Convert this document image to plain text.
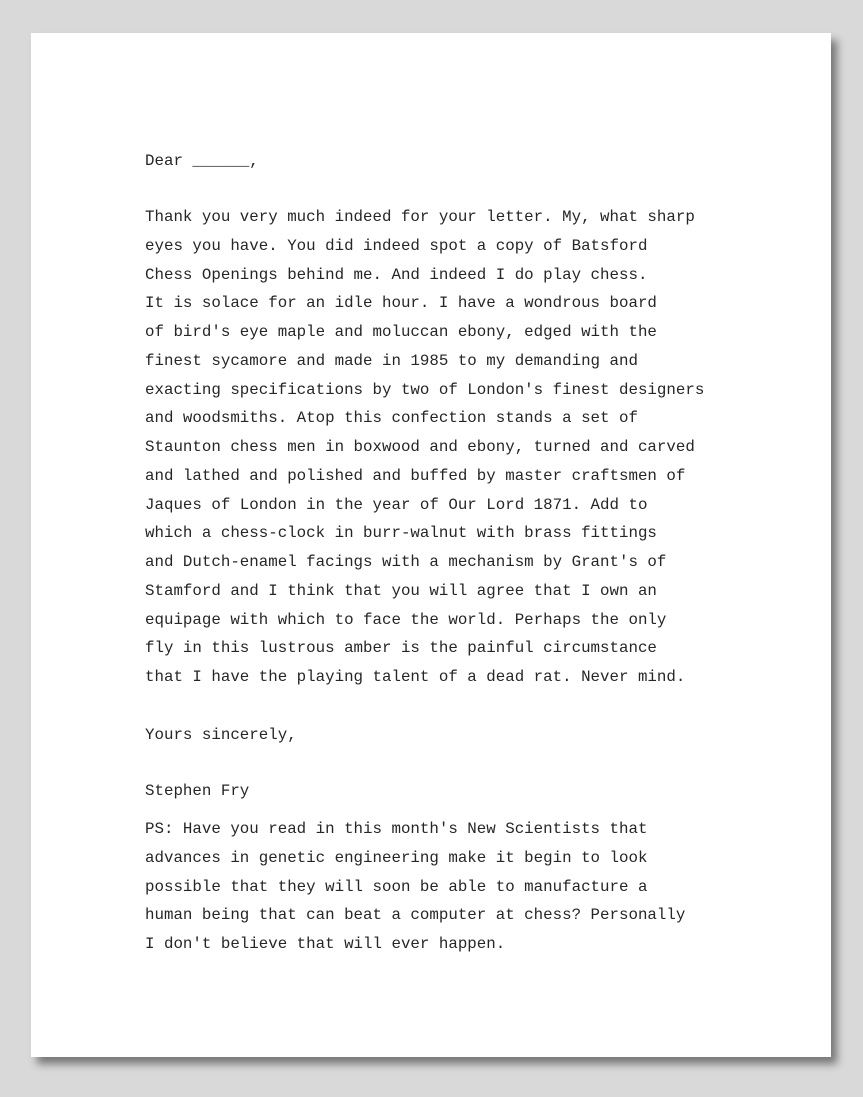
Dear ______,
Thank you very much indeed for your letter. My, what sharp
eyes you have. You did indeed spot a copy of Batsford
Chess Openings behind me. And indeed I do play chess.
It is solace for an idle hour. I have a wondrous board
of bird's eye maple and moluccan ebony, edged with the
finest sycamore and made in 1985 to my demanding and
exacting specifications by two of London's finest designers
and woodsmiths. Atop this confection stands a set of
Staunton chess men in boxwood and ebony, turned and carved
and lathed and polished and buffed by master craftsmen of
Jaques of London in the year of Our Lord 1871. Add to
which a chess-clock in burr-walnut with brass fittings
and Dutch-enamel facings with a mechanism by Grant's of
Stamford and I think that you will agree that I own an
equipage with which to face the world. Perhaps the only
fly in this lustrous amber is the painful circumstance
that I have the playing talent of a dead rat. Never mind.
Yours sincerely,
Stephen Fry
PS: Have you read in this month's New Scientists that
advances in genetic engineering make it begin to look
possible that they will soon be able to manufacture a
human being that can beat a computer at chess? Personally
I don't believe that will ever happen.
